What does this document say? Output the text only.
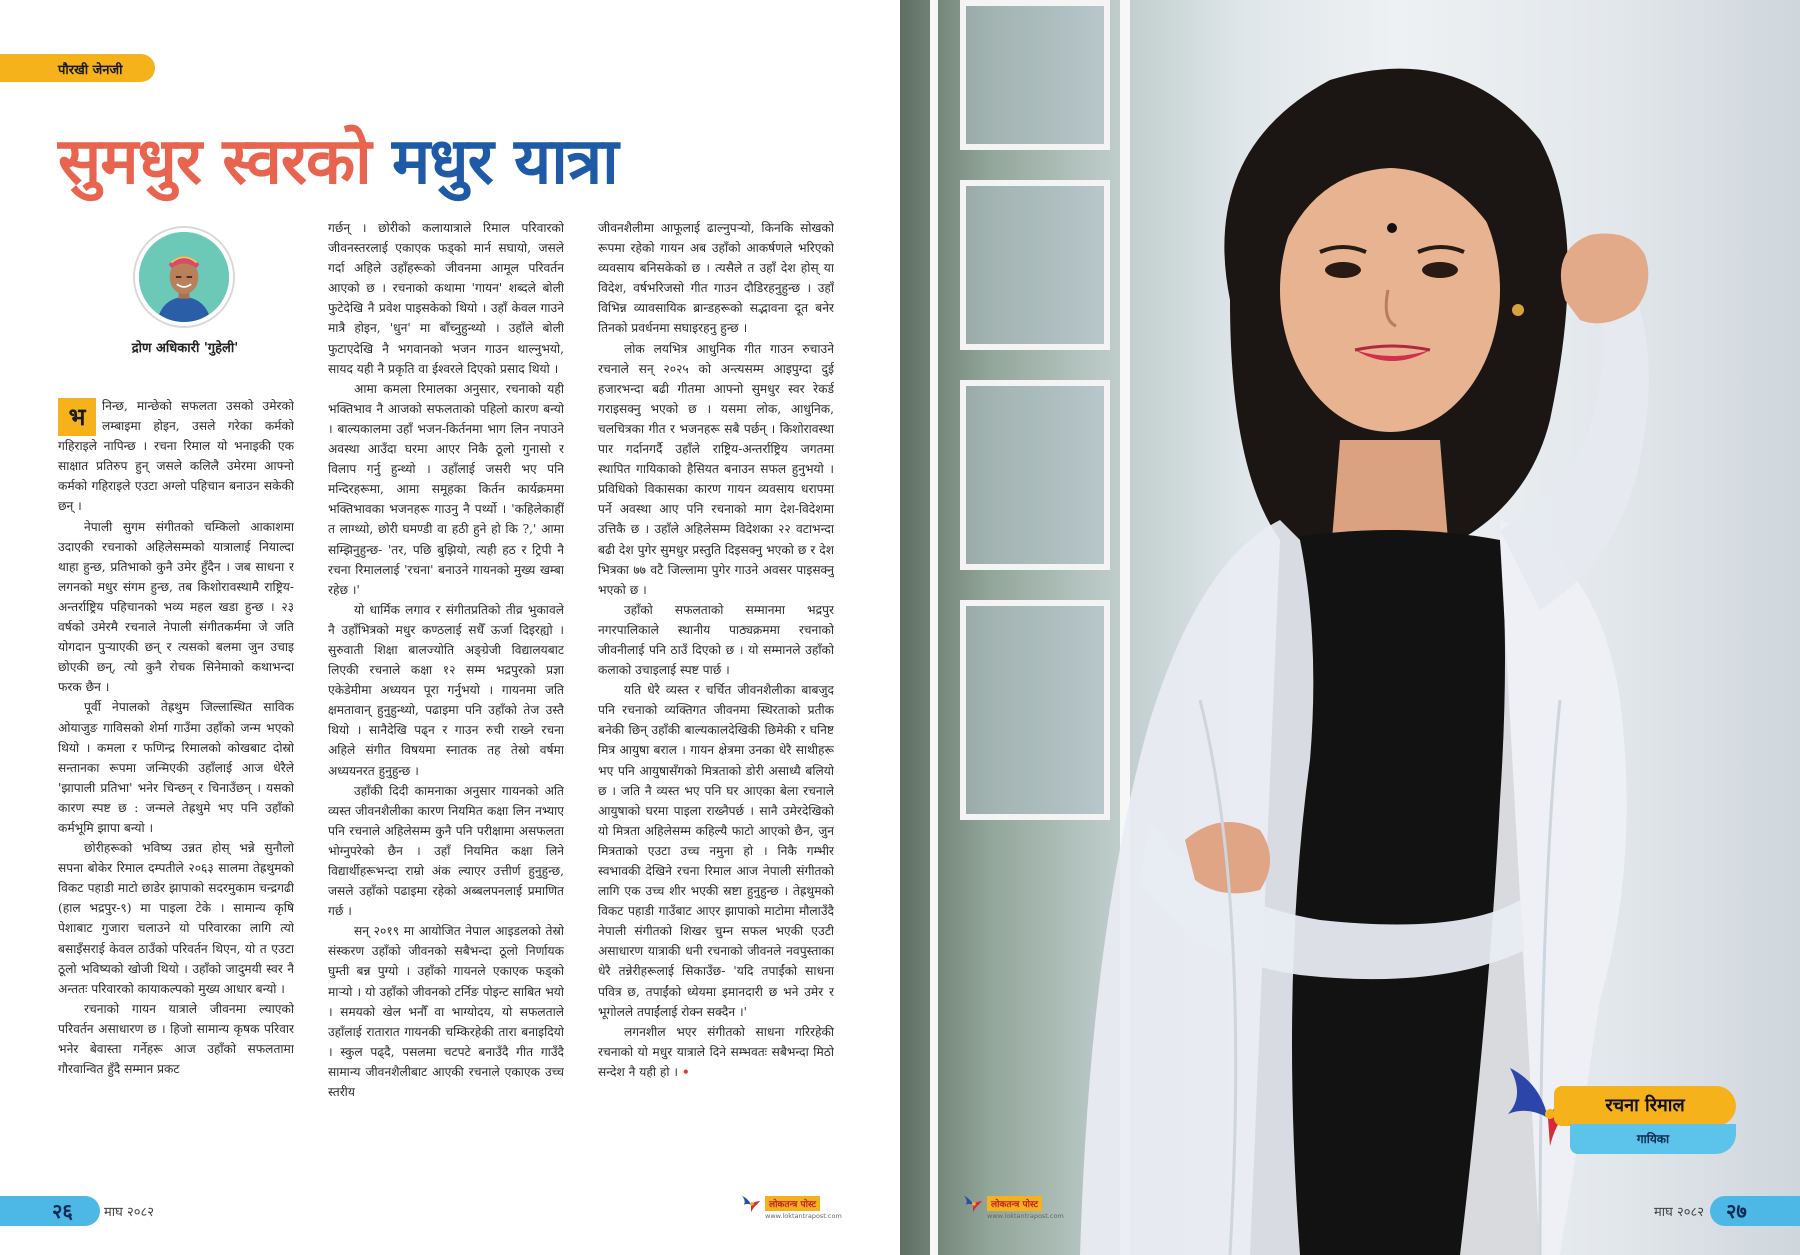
पौरखी जेनजी
सुमधुर स्वरको मधुर यात्रा
द्रोण अधिकारी 'गुहेली'

भ	निन्छ, मान्छेको सफलता उसको उमेरको लम्बाइमा होइन, उसले गरेका कर्मको गहिराइले नापिन्छ । रचना रिमाल यो भनाइकी एक साक्षात प्रतिरुप हुन् जसले कलिलै उमेरमा आफ्नो कर्मको गहिराइले एउटा अग्लो पहिचान बनाउन सकेकी छन् ।

नेपाली सुगम संगीतको चम्किलो आकाशमा उदाएकी रचनाको अहिलेसम्मको यात्रालाई नियाल्दा थाहा हुन्छ, प्रतिभाको कुनै उमेर हुँदैन । जब साधना र लगनको मधुर संगम हुन्छ, तब किशोरावस्थामै राष्ट्रिय-अन्तर्राष्ट्रिय पहिचानको भव्य महल खडा हुन्छ । २३ वर्षको उमेरमै रचनाले नेपाली संगीतकर्ममा जे जति योगदान पुऱ्याएकी छन् र त्यसको बलमा जुन उचाइ छोएकी छन्, त्यो कुनै रोचक सिनेमाको कथाभन्दा फरक छैन ।

पूर्वी नेपालको तेह्रथुम जिल्लास्थित साविक ओयाजुङ गाविसको शेर्मा गाउँमा उहाँको जन्म भएको थियो । कमला र फणिन्द्र रिमालको कोखबाट दोस्रो सन्तानका रूपमा जन्मिएकी उहाँलाई आज धेरैले 'झापाली प्रतिभा' भनेर चिन्छन् र चिनाउँछन् । यसको कारण स्पष्ट छ : जन्मले तेह्रथुमे भए पनि उहाँको कर्मभूमि झापा बन्यो ।

छोरीहरूको भविष्य उन्नत होस् भन्ने सुनौलो सपना बोकेर रिमाल दम्पतीले २०६३ सालमा तेह्रथुमको विकट पहाडी माटो छाडेर झापाको सदरमुकाम चन्द्रगढी (हाल भद्रपुर-९) मा पाइला टेके । सामान्य कृषि पेशाबाट गुजारा चलाउने यो परिवारका लागि त्यो बसाइँसराई केवल ठाउँको परिवर्तन थिएन, यो त एउटा ठूलो भविष्यको खोजी थियो । उहाँको जादुमयी स्वर नै अन्ततः परिवारको कायाकल्पको मुख्य आधार बन्यो ।

रचनाको गायन यात्राले जीवनमा ल्याएको परिवर्तन असाधारण छ । हिजो सामान्य कृषक परिवार भनेर बेवास्ता गर्नेहरू आज उहाँको सफलतामा गौरवान्वित हुँदै सम्मान प्रकट

गर्छन् । छोरीको कलायात्राले रिमाल परिवारको जीवनस्तरलाई एकाएक फड्को मार्न सघायो, जसले गर्दा अहिले उहाँहरूको जीवनमा आमूल परिवर्तन आएको छ । रचनाको कथामा 'गायन' शब्दले बोली फुटेदेखि नै प्रवेश पाइसकेको थियो । उहाँ केवल गाउने मात्रै होइन, 'धुन' मा बाँच्नुहुन्थ्यो । उहाँले बोली फुटाएदेखि नै भगवानको भजन गाउन थाल्नुभयो, सायद यही नै प्रकृति वा ईश्वरले दिएको प्रसाद थियो ।

आमा कमला रिमालका अनुसार, रचनाको यही भक्तिभाव नै आजको सफलताको पहिलो कारण बन्यो । बाल्यकालमा उहाँ भजन-किर्तनमा भाग लिन नपाउने अवस्था आउँदा घरमा आएर निकै ठूलो गुनासो र विलाप गर्नु हुन्थ्यो । उहाँलाई जसरी भए पनि मन्दिरहरूमा, आमा समूहका किर्तन कार्यक्रममा भक्तिभावका भजनहरू गाउनु नै पर्थ्यो । 'कहिलेकाहीँ त लाग्थ्यो, छोरी घमण्डी वा हठी हुने हो कि ?,' आमा सम्झिनुहुन्छ- 'तर, पछि बुझियो, त्यही हठ र ट्रिपी नै रचना रिमाललाई 'रचना' बनाउने गायनको मुख्य खम्बा रहेछ ।'

यो धार्मिक लगाव र संगीतप्रतिको तीव्र भुकावले नै उहाँभित्रको मधुर कण्ठलाई सधैँ ऊर्जा दिइरह्यो । सुरुवाती शिक्षा बालज्योति अङ्ग्रेजी विद्यालयबाट लिएकी रचनाले कक्षा १२ सम्म भद्रपुरको प्रज्ञा एकेडेमीमा अध्ययन पूरा गर्नुभयो । गायनमा जति क्षमतावान् हुनुहुन्थ्यो, पढाइमा पनि उहाँको तेज उस्तै थियो । सानैदेखि पढ्न र गाउन रुची राख्ने रचना अहिले संगीत विषयमा स्नातक तह तेस्रो वर्षमा अध्ययनरत हुनुहुन्छ ।

उहाँकी दिदी कामनाका अनुसार गायनको अति व्यस्त जीवनशैलीका कारण नियमित कक्षा लिन नभ्याए पनि रचनाले अहिलेसम्म कुनै पनि परीक्षामा असफलता भोग्नुपरेको छैन । उहाँ नियमित कक्षा लिने विद्यार्थीहरूभन्दा राम्रो अंक ल्याएर उत्तीर्ण हुनुहुन्छ, जसले उहाँको पढाइमा रहेको अब्बलपनलाई प्रमाणित गर्छ ।

सन् २०१९ मा आयोजित नेपाल आइडलको तेस्रो संस्करण उहाँको जीवनको सबैभन्दा ठूलो निर्णायक घुम्ती बन्न पुग्यो । उहाँको गायनले एकाएक फड्को माऱ्यो । यो उहाँको जीवनको टर्निङ पोइन्ट साबित भयो । समयको खेल भनौँ वा भाग्योदय, यो सफलताले उहाँलाई रातारात गायनकी चम्किरहेकी तारा बनाइदियो । स्कुल पढ्दै, पसलमा चटपटे बनाउँदै गीत गाउँदै सामान्य जीवनशैलीबाट आएकी रचनाले एकाएक उच्च स्तरीय

जीवनशैलीमा आफूलाई ढाल्नुपर्‍यो, किनकि सोखको रूपमा रहेको गायन अब उहाँको आकर्षणले भरिएको व्यवसाय बनिसकेको छ । त्यसैले त उहाँ देश होस् या विदेश, वर्षभरिजसो गीत गाउन दौडिरहनुहुन्छ । उहाँ विभिन्न व्यावसायिक ब्रान्डहरूको सद्भावना दूत बनेर तिनको प्रवर्धनमा सघाइरहनु हुन्छ ।

लोक लयभित्र आधुनिक गीत गाउन रुचाउने रचनाले सन् २०२५ को अन्त्यसम्म आइपुग्दा दुई हजारभन्दा बढी गीतमा आफ्नो सुमधुर स्वर रेकर्ड गराइसक्नु भएको छ । यसमा लोक, आधुनिक, चलचित्रका गीत र भजनहरू सबै पर्छन् । किशोरावस्था पार गर्दानगर्दै उहाँले राष्ट्रिय-अन्तर्राष्ट्रिय जगतमा स्थापित गायिकाको हैसियत बनाउन सफल हुनुभयो । प्रविधिको विकासका कारण गायन व्यवसाय धरापमा पर्ने अवस्था आए पनि रचनाको माग देश-विदेशमा उत्तिकै छ । उहाँले अहिलेसम्म विदेशका २२ वटाभन्दा बढी देश पुगेर सुमधुर प्रस्तुति दिइसक्नु भएको छ र देश भित्रका ७७ वटै जिल्लामा पुगेर गाउने अवसर पाइसक्नु भएको छ ।

उहाँको सफलताको सम्मानमा भद्रपुर नगरपालिकाले स्थानीय पाठ्यक्रममा रचनाको जीवनीलाई पनि ठाउँ दिएको छ । यो सम्मानले उहाँको कलाको उचाइलाई स्पष्ट पार्छ ।

यति धेरै व्यस्त र चर्चित जीवनशैलीका बाबजुद पनि रचनाको व्यक्तिगत जीवनमा स्थिरताको प्रतीक बनेकी छिन् उहाँकी बाल्यकालदेखिकी छिमेकी र घनिष्ट मित्र आयुषा बराल । गायन क्षेत्रमा उनका धेरै साथीहरू भए पनि आयुषासँगको मित्रताको डोरी असाध्यै बलियो छ । जति नै व्यस्त भए पनि घर आएका बेला रचनाले आयुषाको घरमा पाइला राख्नैपर्छ । सानै उमेरदेखिको यो मित्रता अहिलेसम्म कहिल्यै फाटो आएको छैन, जुन मित्रताको एउटा उच्च नमुना हो । निकै गम्भीर स्वभावकी देखिने रचना रिमाल आज नेपाली संगीतको लागि एक उच्च शीर भएकी स्रष्टा हुनुहुन्छ । तेह्रथुमको विकट पहाडी गाउँबाट आएर झापाको माटोमा मौलाउँदै नेपाली संगीतको शिखर चुम्न सफल भएकी एउटी असाधारण यात्राकी धनी रचनाको जीवनले नवपुस्ताका धेरै तन्नेरीहरूलाई सिकाउँछ- 'यदि तपाईंको साधना पवित्र छ, तपाईंको ध्येयमा इमानदारी छ भने उमेर र भूगोलले तपाईंलाई रोक्न सक्दैन ।'

लगनशील भएर संगीतको साधना गरिरहेकी रचनाको यो मधुर यात्राले दिने सम्भवतः सबैभन्दा मिठो सन्देश नै यही हो । •

२६	माघ २०८२	लोकतन्त्र पोस्ट
www.loktantrapost.com
रचना रिमाल
गायिका
लोकतन्त्र पोस्ट
www.loktantrapost.com	माघ २०८२	२७
